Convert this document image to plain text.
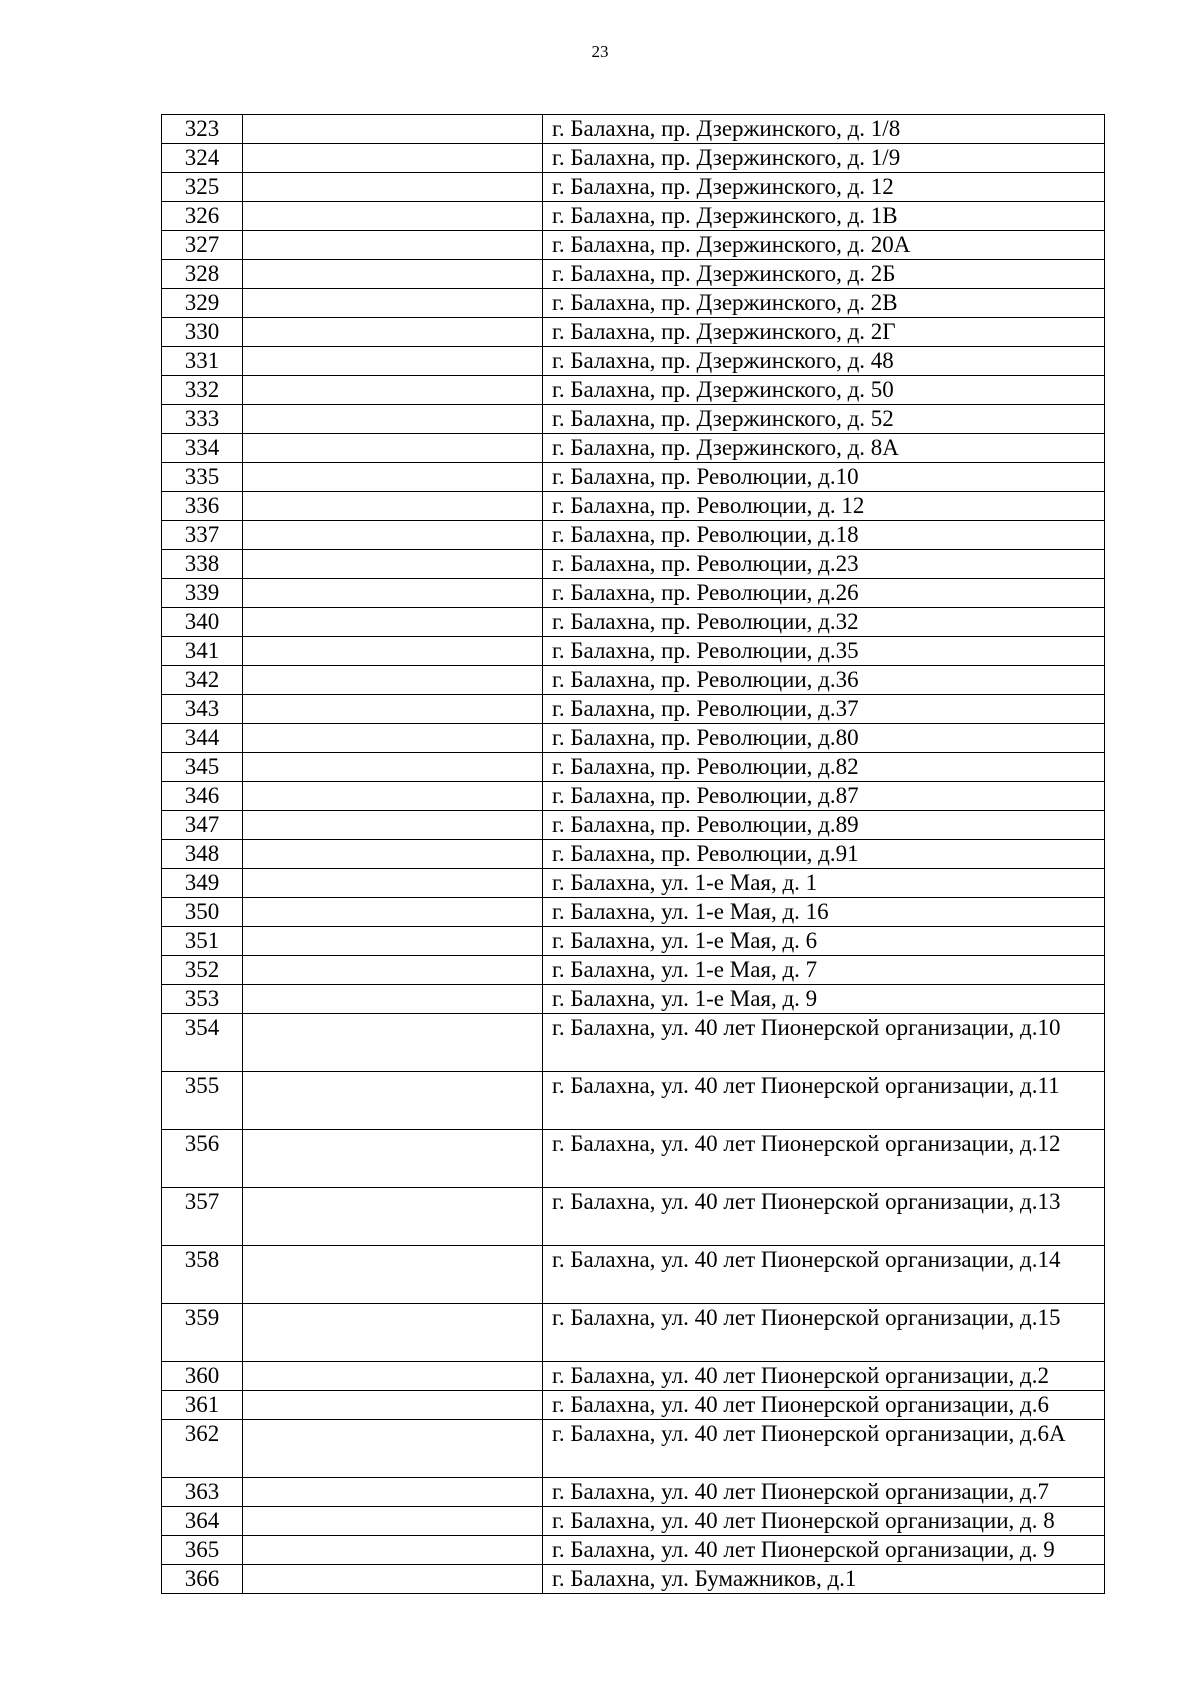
23
323		г. Балахна, пр. Дзержинского, д. 1/8
324		г. Балахна, пр. Дзержинского, д. 1/9
325		г. Балахна, пр. Дзержинского, д. 12
326		г. Балахна, пр. Дзержинского, д. 1В
327		г. Балахна, пр. Дзержинского, д. 20А
328		г. Балахна, пр. Дзержинского, д. 2Б
329		г. Балахна, пр. Дзержинского, д. 2В
330		г. Балахна, пр. Дзержинского, д. 2Г
331		г. Балахна, пр. Дзержинского, д. 48
332		г. Балахна, пр. Дзержинского, д. 50
333		г. Балахна, пр. Дзержинского, д. 52
334		г. Балахна, пр. Дзержинского, д. 8А
335		г. Балахна, пр. Революции, д.10
336		г. Балахна, пр. Революции, д. 12
337		г. Балахна, пр. Революции, д.18
338		г. Балахна, пр. Революции, д.23
339		г. Балахна, пр. Революции, д.26
340		г. Балахна, пр. Революции, д.32
341		г. Балахна, пр. Революции, д.35
342		г. Балахна, пр. Революции, д.36
343		г. Балахна, пр. Революции, д.37
344		г. Балахна, пр. Революции, д.80
345		г. Балахна, пр. Революции, д.82
346		г. Балахна, пр. Революции, д.87
347		г. Балахна, пр. Революции, д.89
348		г. Балахна, пр. Революции, д.91
349		г. Балахна, ул. 1-е Мая, д. 1
350		г. Балахна, ул. 1-е Мая, д. 16
351		г. Балахна, ул. 1-е Мая, д. 6
352		г. Балахна, ул. 1-е Мая, д. 7
353		г. Балахна, ул. 1-е Мая, д. 9
354		г. Балахна, ул. 40 лет Пионерской организации, д.10
355		г. Балахна, ул. 40 лет Пионерской организации, д.11
356		г. Балахна, ул. 40 лет Пионерской организации, д.12
357		г. Балахна, ул. 40 лет Пионерской организации, д.13
358		г. Балахна, ул. 40 лет Пионерской организации, д.14
359		г. Балахна, ул. 40 лет Пионерской организации, д.15
360		г. Балахна, ул. 40 лет Пионерской организации, д.2
361		г. Балахна, ул. 40 лет Пионерской организации, д.6
362		г. Балахна, ул. 40 лет Пионерской организации, д.6А
363		г. Балахна, ул. 40 лет Пионерской организации, д.7
364		г. Балахна, ул. 40 лет Пионерской организации, д. 8
365		г. Балахна, ул. 40 лет Пионерской организации, д. 9
366		г. Балахна, ул. Бумажников, д.1
